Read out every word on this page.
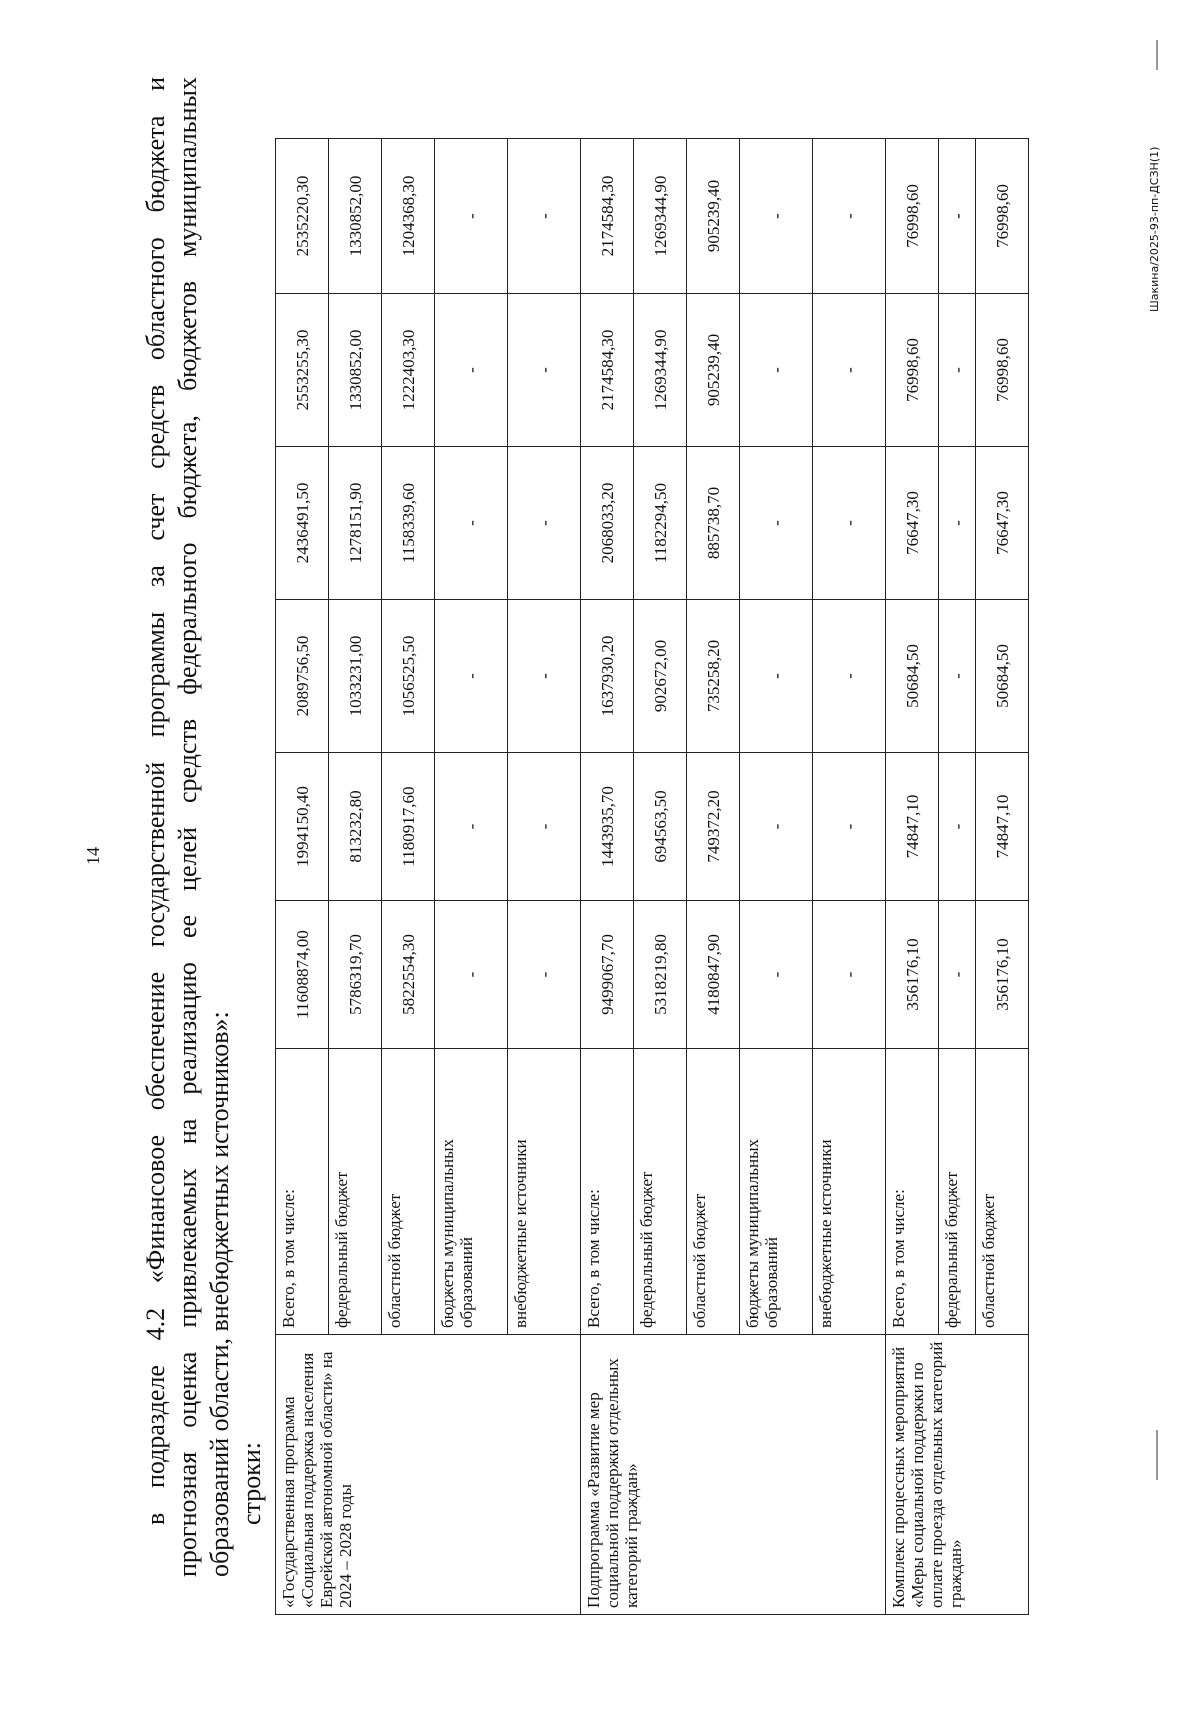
14 в подразделе 4.2 «Финансовое обеспечение государственной программы за счет средств областного бюджета и прогнозная оценка привлекаемых на реализацию ее целей средств федерального бюджета, бюджетов муниципальных образований области, внебюджетных источников»: строки: «Государственная программа «Социальная поддержка населения Еврейской автономной области» на 2024 – 2028 годы	Всего, в том числе:	11608874,00	1994150,40	2089756,50	2436491,50	2553255,30	2535220,30
	федеральный бюджет	5786319,70	813232,80	1033231,00	1278151,90	1330852,00	1330852,00
	областной бюджет	5822554,30	1180917,60	1056525,50	1158339,60	1222403,30	1204368,30
	бюджеты муниципальных образований	-	-	-	-	-	-
	внебюджетные источники	-	-	-	-	-	-
Подпрограмма «Развитие мер социальной поддержки отдельных категорий граждан»	Всего, в том числе:	9499067,70	1443935,70	1637930,20	2068033,20	2174584,30	2174584,30
	федеральный бюджет	5318219,80	694563,50	902672,00	1182294,50	1269344,90	1269344,90
	областной бюджет	4180847,90	749372,20	735258,20	885738,70	905239,40	905239,40
	бюджеты муниципальных образований	-	-	-	-	-	-
	внебюджетные источники	-	-	-	-	-	-
Комплекс процессных мероприятий «Меры социальной поддержки по оплате проезда отдельных категорий граждан»	Всего, в том числе:	356176,10	74847,10	50684,50	76647,30	76998,60	76998,60
	федеральный бюджет	-	-	-	-	-	-
	областной бюджет	356176,10	74847,10	50684,50	76647,30	76998,60	76998,60	Шакина/2025-93-пп-ДСЗН(1)
